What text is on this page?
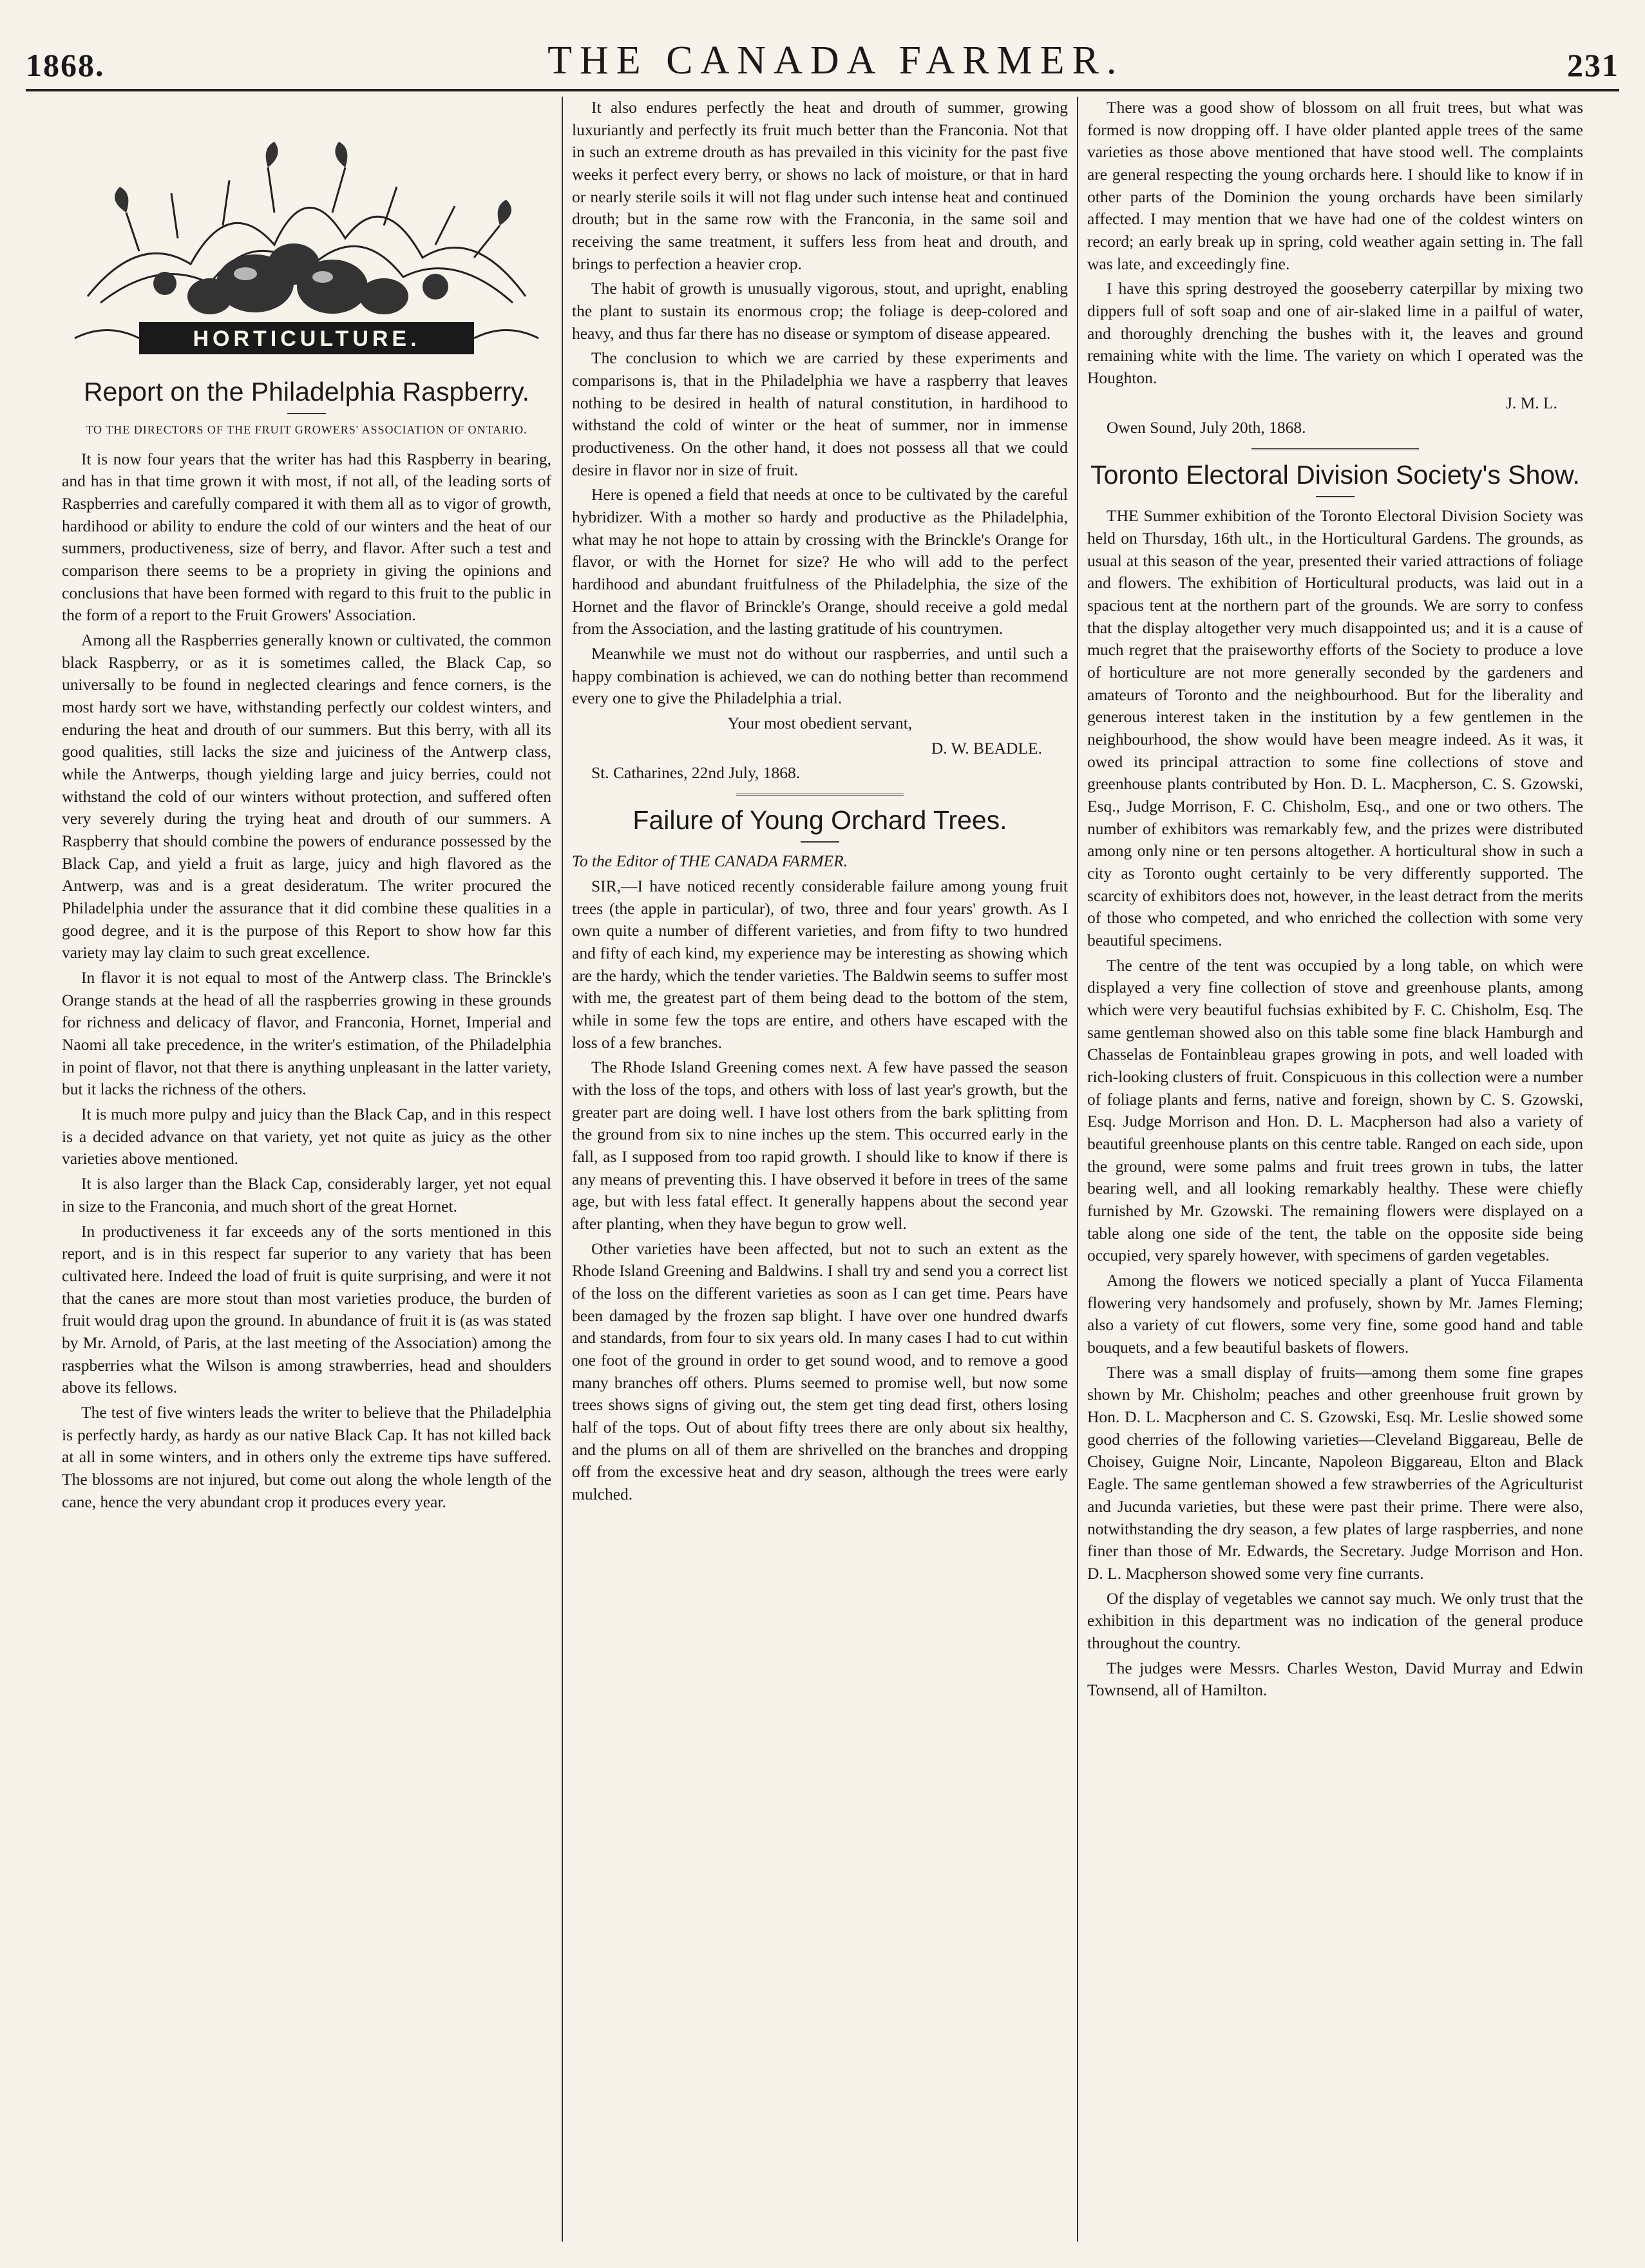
1868.	THE CANADA FARMER.	231
HORTICULTURE.
Report on the Philadelphia Raspberry.

TO THE DIRECTORS OF THE FRUIT GROWERS' ASSOCIATION OF ONTARIO.

It is now four years that the writer has had this Raspberry in bearing, and has in that time grown it with most, if not all, of the leading sorts of Raspberries and carefully compared it with them all as to vigor of growth, hardihood or ability to endure the cold of our winters and the heat of our summers, productiveness, size of berry, and flavor. After such a test and comparison there seems to be a propriety in giving the opinions and conclusions that have been formed with regard to this fruit to the public in the form of a report to the Fruit Growers' Association.

Among all the Raspberries generally known or cultivated, the common black Raspberry, or as it is sometimes called, the Black Cap, so universally to be found in neglected clearings and fence corners, is the most hardy sort we have, withstanding perfectly our coldest winters, and enduring the heat and drouth of our summers. But this berry, with all its good qualities, still lacks the size and juiciness of the Antwerp class, while the Antwerps, though yielding large and juicy berries, could not withstand the cold of our winters without protection, and suffered often very severely during the trying heat and drouth of our summers. A Raspberry that should combine the powers of endurance possessed by the Black Cap, and yield a fruit as large, juicy and high flavored as the Antwerp, was and is a great desideratum. The writer procured the Philadelphia under the assurance that it did combine these qualities in a good degree, and it is the purpose of this Report to show how far this variety may lay claim to such great excellence.

In flavor it is not equal to most of the Antwerp class. The Brinckle's Orange stands at the head of all the raspberries growing in these grounds for richness and delicacy of flavor, and Franconia, Hornet, Imperial and Naomi all take precedence, in the writer's estimation, of the Philadelphia in point of flavor, not that there is anything unpleasant in the latter variety, but it lacks the richness of the others.

It is much more pulpy and juicy than the Black Cap, and in this respect is a decided advance on that variety, yet not quite as juicy as the other varieties above mentioned.

It is also larger than the Black Cap, considerably larger, yet not equal in size to the Franconia, and much short of the great Hornet.

In productiveness it far exceeds any of the sorts mentioned in this report, and is in this respect far superior to any variety that has been cultivated here. Indeed the load of fruit is quite surprising, and were it not that the canes are more stout than most varieties produce, the burden of fruit would drag upon the ground. In abundance of fruit it is (as was stated by Mr. Arnold, of Paris, at the last meeting of the Association) among the raspberries what the Wilson is among strawberries, head and shoulders above its fellows.

The test of five winters leads the writer to believe that the Philadelphia is perfectly hardy, as hardy as our native Black Cap. It has not killed back at all in some winters, and in others only the extreme tips have suffered. The blossoms are not injured, but come out along the whole length of the cane, hence the very abundant crop it produces every year.

It also endures perfectly the heat and drouth of summer, growing luxuriantly and perfectly its fruit much better than the Franconia. Not that in such an extreme drouth as has prevailed in this vicinity for the past five weeks it perfect every berry, or shows no lack of moisture, or that in hard or nearly sterile soils it will not flag under such intense heat and continued drouth; but in the same row with the Franconia, in the same soil and receiving the same treatment, it suffers less from heat and drouth, and brings to perfection a heavier crop.

The habit of growth is unusually vigorous, stout, and upright, enabling the plant to sustain its enormous crop; the foliage is deep-colored and heavy, and thus far there has no disease or symptom of disease appeared.

The conclusion to which we are carried by these experiments and comparisons is, that in the Philadelphia we have a raspberry that leaves nothing to be desired in health of natural constitution, in hardihood to withstand the cold of winter or the heat of summer, nor in immense productiveness. On the other hand, it does not possess all that we could desire in flavor nor in size of fruit.

Here is opened a field that needs at once to be cultivated by the careful hybridizer. With a mother so hardy and productive as the Philadelphia, what may he not hope to attain by crossing with the Brinckle's Orange for flavor, or with the Hornet for size? He who will add to the perfect hardihood and abundant fruitfulness of the Philadelphia, the size of the Hornet and the flavor of Brinckle's Orange, should receive a gold medal from the Association, and the lasting gratitude of his countrymen.

Meanwhile we must not do without our raspberries, and until such a happy combination is achieved, we can do nothing better than recommend every one to give the Philadelphia a trial.

Your most obedient servant,

D. W. BEADLE.

St. Catharines, 22nd July, 1868.

Failure of Young Orchard Trees.

To the Editor of THE CANADA FARMER.

SIR,—I have noticed recently considerable failure among young fruit trees (the apple in particular), of two, three and four years' growth. As I own quite a number of different varieties, and from fifty to two hundred and fifty of each kind, my experience may be interesting as showing which are the hardy, which the tender varieties. The Baldwin seems to suffer most with me, the greatest part of them being dead to the bottom of the stem, while in some few the tops are entire, and others have escaped with the loss of a few branches.

The Rhode Island Greening comes next. A few have passed the season with the loss of the tops, and others with loss of last year's growth, but the greater part are doing well. I have lost others from the bark splitting from the ground from six to nine inches up the stem. This occurred early in the fall, as I supposed from too rapid growth. I should like to know if there is any means of preventing this. I have observed it before in trees of the same age, but with less fatal effect. It generally happens about the second year after planting, when they have begun to grow well.

Other varieties have been affected, but not to such an extent as the Rhode Island Greening and Baldwins. I shall try and send you a correct list of the loss on the different varieties as soon as I can get time. Pears have been damaged by the frozen sap blight. I have over one hundred dwarfs and standards, from four to six years old. In many cases I had to cut within one foot of the ground in order to get sound wood, and to remove a good many branches off others. Plums seemed to promise well, but now some trees shows signs of giving out, the stem get ting dead first, others losing half of the tops. Out of about fifty trees there are only about six healthy, and the plums on all of them are shrivelled on the branches and dropping off from the excessive heat and dry season, although the trees were early mulched.

There was a good show of blossom on all fruit trees, but what was formed is now dropping off. I have older planted apple trees of the same varieties as those above mentioned that have stood well. The complaints are general respecting the young orchards here. I should like to know if in other parts of the Dominion the young orchards have been similarly affected. I may mention that we have had one of the coldest winters on record; an early break up in spring, cold weather again setting in. The fall was late, and exceedingly fine.

I have this spring destroyed the gooseberry caterpillar by mixing two dippers full of soft soap and one of air-slaked lime in a pailful of water, and thoroughly drenching the bushes with it, the leaves and ground remaining white with the lime. The variety on which I operated was the Houghton.

J. M. L.

Owen Sound, July 20th, 1868.

Toronto Electoral Division Society's Show.

THE Summer exhibition of the Toronto Electoral Division Society was held on Thursday, 16th ult., in the Horticultural Gardens. The grounds, as usual at this season of the year, presented their varied attractions of foliage and flowers. The exhibition of Horticultural products, was laid out in a spacious tent at the northern part of the grounds. We are sorry to confess that the display altogether very much disappointed us; and it is a cause of much regret that the praiseworthy efforts of the Society to produce a love of horticulture are not more generally seconded by the gardeners and amateurs of Toronto and the neighbourhood. But for the liberality and generous interest taken in the institution by a few gentlemen in the neighbourhood, the show would have been meagre indeed. As it was, it owed its principal attraction to some fine collections of stove and greenhouse plants contributed by Hon. D. L. Macpherson, C. S. Gzowski, Esq., Judge Morrison, F. C. Chisholm, Esq., and one or two others. The number of exhibitors was remarkably few, and the prizes were distributed among only nine or ten persons altogether. A horticultural show in such a city as Toronto ought certainly to be very differently supported. The scarcity of exhibitors does not, however, in the least detract from the merits of those who competed, and who enriched the collection with some very beautiful specimens.

The centre of the tent was occupied by a long table, on which were displayed a very fine collection of stove and greenhouse plants, among which were very beautiful fuchsias exhibited by F. C. Chisholm, Esq. The same gentleman showed also on this table some fine black Hamburgh and Chasselas de Fontainbleau grapes growing in pots, and well loaded with rich-looking clusters of fruit. Conspicuous in this collection were a number of foliage plants and ferns, native and foreign, shown by C. S. Gzowski, Esq. Judge Morrison and Hon. D. L. Macpherson had also a variety of beautiful greenhouse plants on this centre table. Ranged on each side, upon the ground, were some palms and fruit trees grown in tubs, the latter bearing well, and all looking remarkably healthy. These were chiefly furnished by Mr. Gzowski. The remaining flowers were displayed on a table along one side of the tent, the table on the opposite side being occupied, very sparely however, with specimens of garden vegetables.

Among the flowers we noticed specially a plant of Yucca Filamenta flowering very handsomely and profusely, shown by Mr. James Fleming; also a variety of cut flowers, some very fine, some good hand and table bouquets, and a few beautiful baskets of flowers.

There was a small display of fruits—among them some fine grapes shown by Mr. Chisholm; peaches and other greenhouse fruit grown by Hon. D. L. Macpherson and C. S. Gzowski, Esq. Mr. Leslie showed some good cherries of the following varieties—Cleveland Biggareau, Belle de Choisey, Guigne Noir, Lincante, Napoleon Biggareau, Elton and Black Eagle. The same gentleman showed a few strawberries of the Agriculturist and Jucunda varieties, but these were past their prime. There were also, notwithstanding the dry season, a few plates of large raspberries, and none finer than those of Mr. Edwards, the Secretary. Judge Morrison and Hon. D. L. Macpherson showed some very fine currants.

Of the display of vegetables we cannot say much. We only trust that the exhibition in this department was no indication of the general produce throughout the country.

The judges were Messrs. Charles Weston, David Murray and Edwin Townsend, all of Hamilton.
